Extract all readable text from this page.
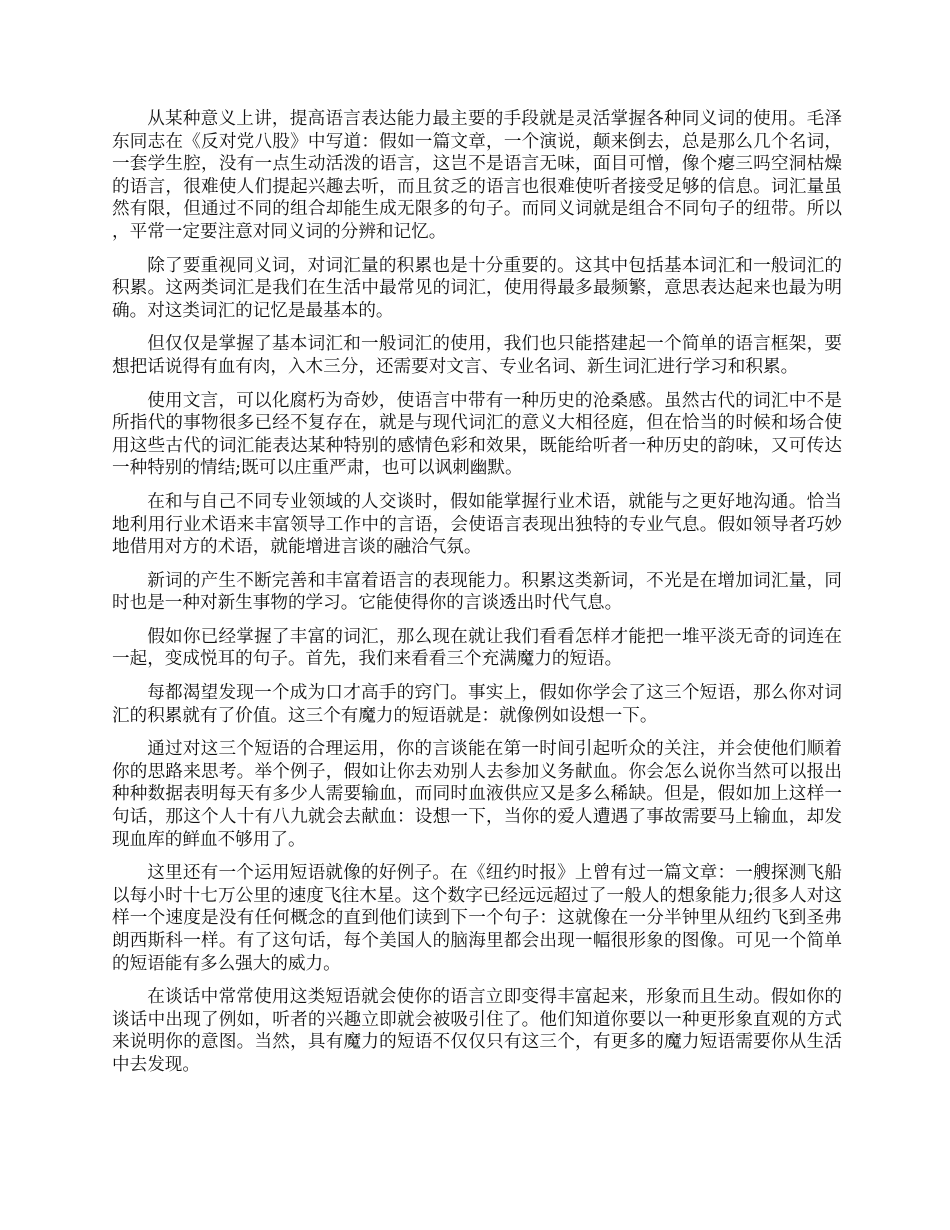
从某种意义上讲，提高语言表达能力最主要的手段就是灵活掌握各种同义词的使用。毛泽东同志在《反对党八股》中写道：假如一篇文章，一个演说，颠来倒去，总是那么几个名词，一套学生腔，没有一点生动活泼的语言，这岂不是语言无味，面目可憎，像个瘪三吗空洞枯燥的语言，很难使人们提起兴趣去听，而且贫乏的语言也很难使听者接受足够的信息。词汇量虽然有限，但通过不同的组合却能生成无限多的句子。而同义词就是组合不同句子的纽带。所以，平常一定要注意对同义词的分辨和记忆。

除了要重视同义词，对词汇量的积累也是十分重要的。这其中包括基本词汇和一般词汇的积累。这两类词汇是我们在生活中最常见的词汇，使用得最多最频繁，意思表达起来也最为明确。对这类词汇的记忆是最基本的。

但仅仅是掌握了基本词汇和一般词汇的使用，我们也只能搭建起一个简单的语言框架，要想把话说得有血有肉，入木三分，还需要对文言、专业名词、新生词汇进行学习和积累。

使用文言，可以化腐朽为奇妙，使语言中带有一种历史的沧桑感。虽然古代的词汇中不是所指代的事物很多已经不复存在，就是与现代词汇的意义大相径庭，但在恰当的时候和场合使用这些古代的词汇能表达某种特别的感情色彩和效果，既能给听者一种历史的韵味，又可传达一种特别的情结;既可以庄重严肃，也可以讽刺幽默。

在和与自己不同专业领域的人交谈时，假如能掌握行业术语，就能与之更好地沟通。恰当地利用行业术语来丰富领导工作中的言语，会使语言表现出独特的专业气息。假如领导者巧妙地借用对方的术语，就能增进言谈的融洽气氛。

新词的产生不断完善和丰富着语言的表现能力。积累这类新词，不光是在增加词汇量，同时也是一种对新生事物的学习。它能使得你的言谈透出时代气息。

假如你已经掌握了丰富的词汇，那么现在就让我们看看怎样才能把一堆平淡无奇的词连在一起，变成悦耳的句子。首先，我们来看看三个充满魔力的短语。

每都渴望发现一个成为口才高手的窍门。事实上，假如你学会了这三个短语，那么你对词汇的积累就有了价值。这三个有魔力的短语就是：就像例如设想一下。

通过对这三个短语的合理运用，你的言谈能在第一时间引起听众的关注，并会使他们顺着你的思路来思考。举个例子，假如让你去劝别人去参加义务献血。你会怎么说你当然可以报出种种数据表明每天有多少人需要输血，而同时血液供应又是多么稀缺。但是，假如加上这样一句话，那这个人十有八九就会去献血：设想一下，当你的爱人遭遇了事故需要马上输血，却发现血库的鲜血不够用了。

这里还有一个运用短语就像的好例子。在《纽约时报》上曾有过一篇文章：一艘探测飞船以每小时十七万公里的速度飞往木星。这个数字已经远远超过了一般人的想象能力;很多人对这样一个速度是没有任何概念的直到他们读到下一个句子：这就像在一分半钟里从纽约飞到圣弗朗西斯科一样。有了这句话，每个美国人的脑海里都会出现一幅很形象的图像。可见一个简单的短语能有多么强大的威力。

在谈话中常常使用这类短语就会使你的语言立即变得丰富起来，形象而且生动。假如你的谈话中出现了例如，听者的兴趣立即就会被吸引住了。他们知道你要以一种更形象直观的方式来说明你的意图。当然，具有魔力的短语不仅仅只有这三个，有更多的魔力短语需要你从生活中去发现。
